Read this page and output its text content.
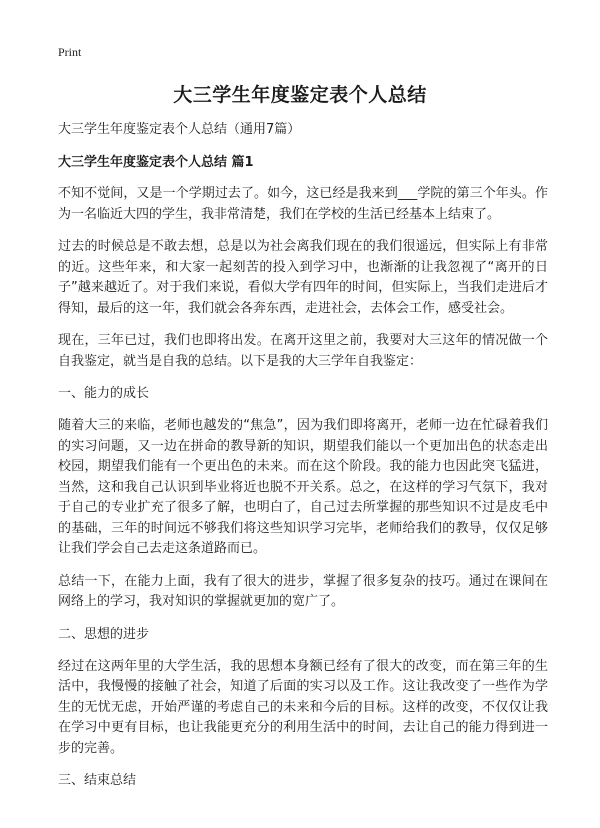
Print
大三学生年度鉴定表个人总结
大三学生年度鉴定表个人总结（通用7篇）
大三学生年度鉴定表个人总结 篇1

不知不觉间，又是一个学期过去了。如今，这已经是我来到___学院的第三个年头。作为一名临近大四的学生，我非常清楚，我们在学校的生活已经基本上结束了。

过去的时候总是不敢去想，总是以为社会离我们现在的我们很遥远，但实际上有非常的近。这些年来，和大家一起刻苦的投入到学习中，也渐渐的让我忽视了“离开的日子”越来越近了。对于我们来说，看似大学有四年的时间，但实际上，当我们走进后才得知，最后的这一年，我们就会各奔东西，走进社会，去体会工作，感受社会。

现在，三年已过，我们也即将出发。在离开这里之前，我要对大三这年的情况做一个自我鉴定，就当是自我的总结。以下是我的大三学年自我鉴定：

一、能力的成长

随着大三的来临，老师也越发的“焦急”，因为我们即将离开，老师一边在忙碌着我们的实习问题，又一边在拼命的教导新的知识，期望我们能以一个更加出色的状态走出校园，期望我们能有一个更出色的未来。而在这个阶段。我的能力也因此突飞猛进，当然，这和我自己认识到毕业将近也脱不开关系。总之，在这样的学习气氛下，我对于自己的专业扩充了很多了解，也明白了，自己过去所掌握的那些知识不过是皮毛中的基础，三年的时间远不够我们将这些知识学习完毕，老师给我们的教导，仅仅足够让我们学会自己去走这条道路而已。

总结一下，在能力上面，我有了很大的进步，掌握了很多复杂的技巧。通过在课间在网络上的学习，我对知识的掌握就更加的宽广了。

二、思想的进步

经过在这两年里的大学生活，我的思想本身额已经有了很大的改变，而在第三年的生活中，我慢慢的接触了社会，知道了后面的实习以及工作。这让我改变了一些作为学生的无忧无虑，开始严谨的考虑自己的未来和今后的目标。这样的改变，不仅仅让我在学习中更有目标，也让我能更充分的利用生活中的时间，去让自己的能力得到进一步的完善。

三、结束总结
